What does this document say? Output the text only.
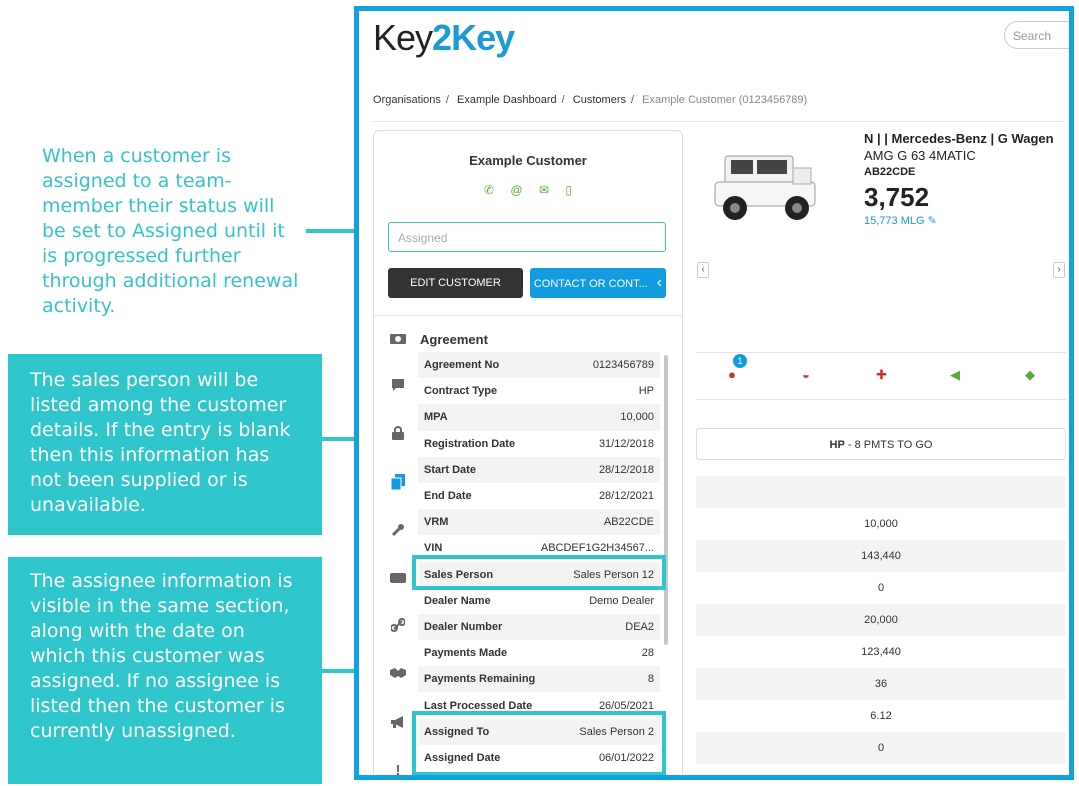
When a customer is assigned to a team-member their status will be set to Assigned until it is progressed further through additional renewal activity.
The sales person will be listed among the customer details. If the entry is blank then this information has not been supplied or is unavailable.
The assignee information is visible in the same section, along with the date on which this customer was assigned. If no assignee is listed then the customer is currently unassigned.
Key2Key	Search
Organisations / Example Dashboard / Customers / Example Customer (0123456789)
Example Customer
✆ @ ✉ ▯
Assigned
EDIT CUSTOMER	CONTACT OR CONT... ‹
!
Agreement
Agreement No	0123456789
Contract Type	HP
MPA	10,000
Registration Date	31/12/2018
Start Date	28/12/2018
End Date	28/12/2021
VRM	AB22CDE
VIN	ABCDEF1G2H34567...
Sales Person	Sales Person 12
Dealer Name	Demo Dealer
Dealer Number	DEA2
Payments Made	28
Payments Remaining	8
Last Processed Date	26/05/2021
Assigned To	Sales Person 2
Assigned Date	06/01/2022
N | | Mercedes-Benz | G Wagen
AMG G 63 4MATIC
AB22CDE
3,752
15,773 MLG ✎
‹	›
●	◒	✚	◀	◆
1
HP - 8 PMTS TO GO
10,000
143,440
0
20,000
123,440
36
6.12
0
